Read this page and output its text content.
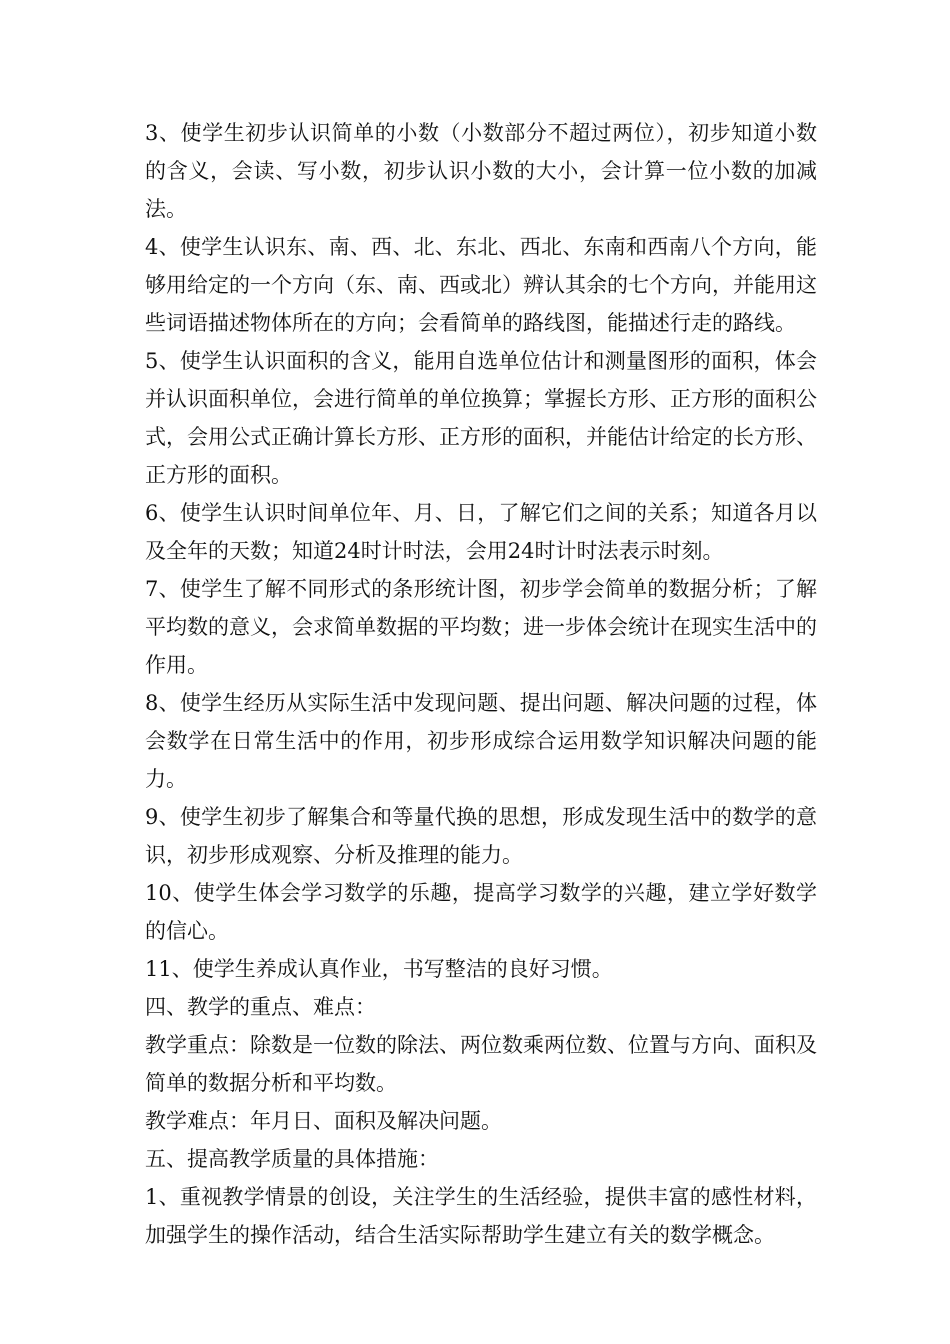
3、使学生初步认识简单的小数（小数部分不超过两位），初步知道小数的含义，会读、写小数，初步认识小数的大小，会计算一位小数的加减法。

4、使学生认识东、南、西、北、东北、西北、东南和西南八个方向，能够用给定的一个方向（东、南、西或北）辨认其余的七个方向，并能用这些词语描述物体所在的方向；会看简单的路线图，能描述行走的路线。

5、使学生认识面积的含义，能用自选单位估计和测量图形的面积，体会并认识面积单位，会进行简单的单位换算；掌握长方形、正方形的面积公式，会用公式正确计算长方形、正方形的面积，并能估计给定的长方形、正方形的面积。

6、使学生认识时间单位年、月、日，了解它们之间的关系；知道各月以及全年的天数；知道24时计时法，会用24时计时法表示时刻。

7、使学生了解不同形式的条形统计图，初步学会简单的数据分析；了解平均数的意义，会求简单数据的平均数；进一步体会统计在现实生活中的作用。

8、使学生经历从实际生活中发现问题、提出问题、解决问题的过程，体会数学在日常生活中的作用，初步形成综合运用数学知识解决问题的能力。

9、使学生初步了解集合和等量代换的思想，形成发现生活中的数学的意识，初步形成观察、分析及推理的能力。

10、使学生体会学习数学的乐趣，提高学习数学的兴趣，建立学好数学的信心。

11、使学生养成认真作业，书写整洁的良好习惯。

四、教学的重点、难点：

教学重点：除数是一位数的除法、两位数乘两位数、位置与方向、面积及简单的数据分析和平均数。

教学难点：年月日、面积及解决问题。

五、提高教学质量的具体措施：

1、重视教学情景的创设，关注学生的生活经验，提供丰富的感性材料，加强学生的操作活动，结合生活实际帮助学生建立有关的数学概念。
